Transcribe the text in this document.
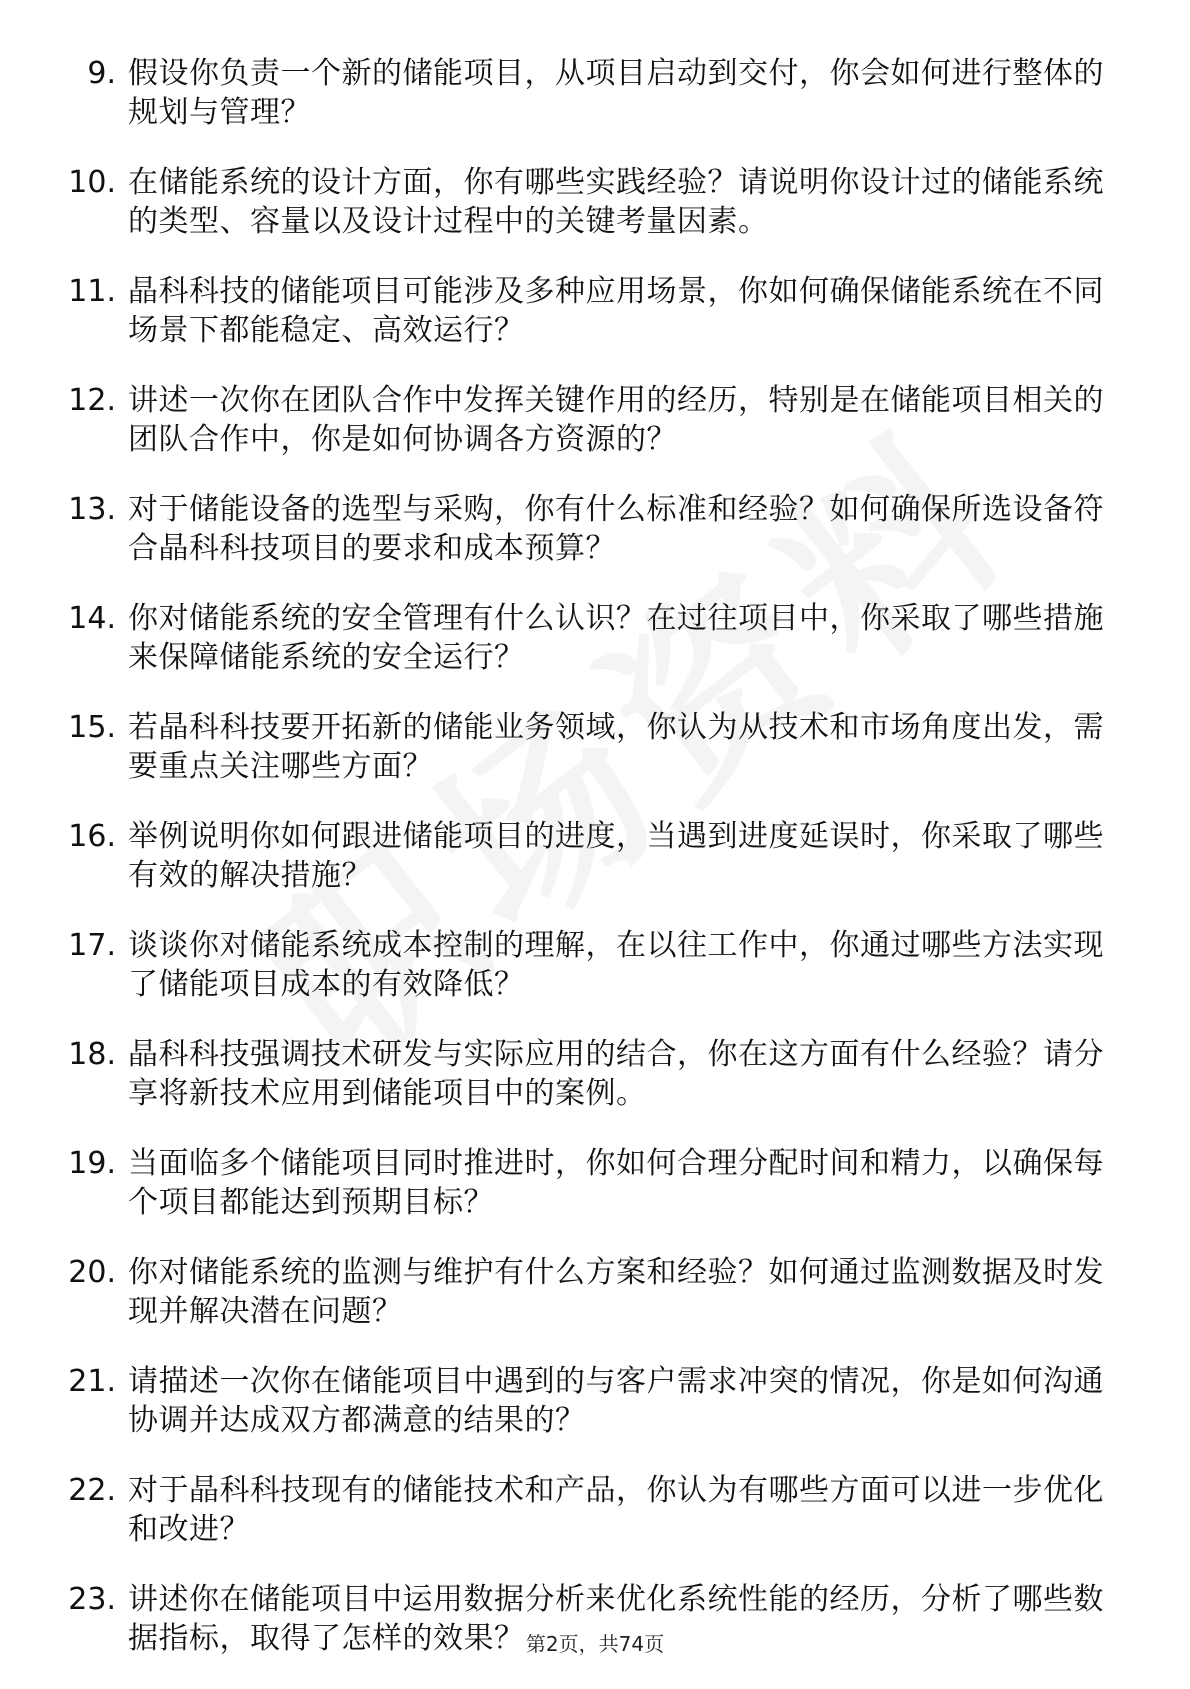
9. 假设你负责一个新的储能项目，从项目启动到交付，你会如何进行整体的规划与管理？
10. 在储能系统的设计方面，你有哪些实践经验？请说明你设计过的储能系统的类型、容量以及设计过程中的关键考量因素。
11. 晶科科技的储能项目可能涉及多种应用场景，你如何确保储能系统在不同场景下都能稳定、高效运行？
12. 讲述一次你在团队合作中发挥关键作用的经历，特别是在储能项目相关的团队合作中，你是如何协调各方资源的？
13. 对于储能设备的选型与采购，你有什么标准和经验？如何确保所选设备符合晶科科技项目的要求和成本预算？
14. 你对储能系统的安全管理有什么认识？在过往项目中，你采取了哪些措施来保障储能系统的安全运行？
15. 若晶科科技要开拓新的储能业务领域，你认为从技术和市场角度出发，需要重点关注哪些方面？
16. 举例说明你如何跟进储能项目的进度，当遇到进度延误时，你采取了哪些有效的解决措施？
17. 谈谈你对储能系统成本控制的理解，在以往工作中，你通过哪些方法实现了储能项目成本的有效降低？
18. 晶科科技强调技术研发与实际应用的结合，你在这方面有什么经验？请分享将新技术应用到储能项目中的案例。
19. 当面临多个储能项目同时推进时，你如何合理分配时间和精力，以确保每个项目都能达到预期目标？
20. 你对储能系统的监测与维护有什么方案和经验？如何通过监测数据及时发现并解决潜在问题？
21. 请描述一次你在储能项目中遇到的与客户需求冲突的情况，你是如何沟通协调并达成双方都满意的结果的？
22. 对于晶科科技现有的储能技术和产品，你认为有哪些方面可以进一步优化和改进？
23. 讲述你在储能项目中运用数据分析来优化系统性能的经历，分析了哪些数据指标，取得了怎样的效果？ 第2页，共74页
